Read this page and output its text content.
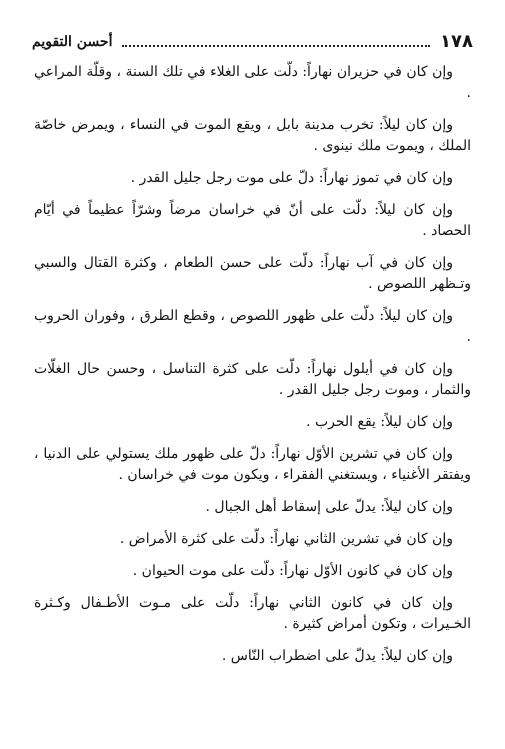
١٧٨
أحسن التقويم

وإن كان في حزيران نهاراً: دلّت على الغلاء في تلك السنة ، وقلّة المراعي .

وإن كان ليلاً: تخرب مدينة بابل ، ويقع الموت في النساء ، ويمرض خاصّة الملك ، ويموت ملك نينوى .

وإن كان في تموز نهاراً: دلّ على موت رجل جليل القدر .

وإن كان ليلاً: دلّت على أنّ في خراسان مرضاً وشرّاً عظيماً في أيّام الحصاد .

وإن كان في آب نهاراً: دلّت على حسن الطعام ، وكثرة القتال والسبي وتـظهر اللصوص .

وإن كان ليلاً: دلّت على ظهور اللصوص ، وقطع الطرق ، وفوران الحروب .

وإن كان في أيلول نهاراً: دلّت على كثرة التناسل ، وحسن حال الغلّات والثمار ، وموت رجل جليل القدر .

وإن كان ليلاً: يقع الحرب .

وإن كان في تشرين الأوّل نهاراً: دلّ على ظهور ملك يستولي على الدنيا ، ويفتقر الأغنياء ، ويستغني الفقراء ، ويكون موت في خراسان .

وإن كان ليلاً: يدلّ على إسقاط أهل الجبال .

وإن كان في تشرين الثاني نهاراً: دلّت على كثرة الأمراض .

وإن كان في كانون الأوّل نهاراً: دلّت على موت الحيوان .

وإن كان في كانون الثاني نهاراً: دلّت على مـوت الأطـفال وكـثرة الخـيرات ، وتكون أمراض كثيرة .

وإن كان ليلاً: يدلّ على اضطراب النّاس .
